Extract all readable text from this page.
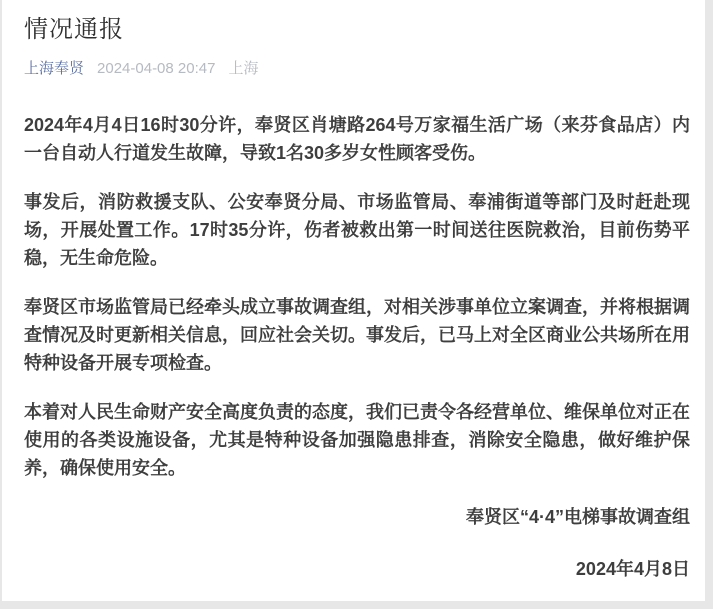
情况通报
上海奉贤 2024-04-08 20:47 上海

2024年4月4日16时30分许，奉贤区肖塘路264号万家福生活广场（来芬食品店）内一台自动人行道发生故障，导致1名30多岁女性顾客受伤。

事发后，消防救援支队、公安奉贤分局、市场监管局、奉浦街道等部门及时赶赴现场，开展处置工作。17时35分许，伤者被救出第一时间送往医院救治，目前伤势平稳，无生命危险。

奉贤区市场监管局已经牵头成立事故调查组，对相关涉事单位立案调查，并将根据调查情况及时更新相关信息，回应社会关切。事发后，已马上对全区商业公共场所在用特种设备开展专项检查。

本着对人民生命财产安全高度负责的态度，我们已责令各经营单位、维保单位对正在使用的各类设施设备，尤其是特种设备加强隐患排查，消除安全隐患，做好维护保养，确保使用安全。

奉贤区“4·4”电梯事故调查组
2024年4月8日
